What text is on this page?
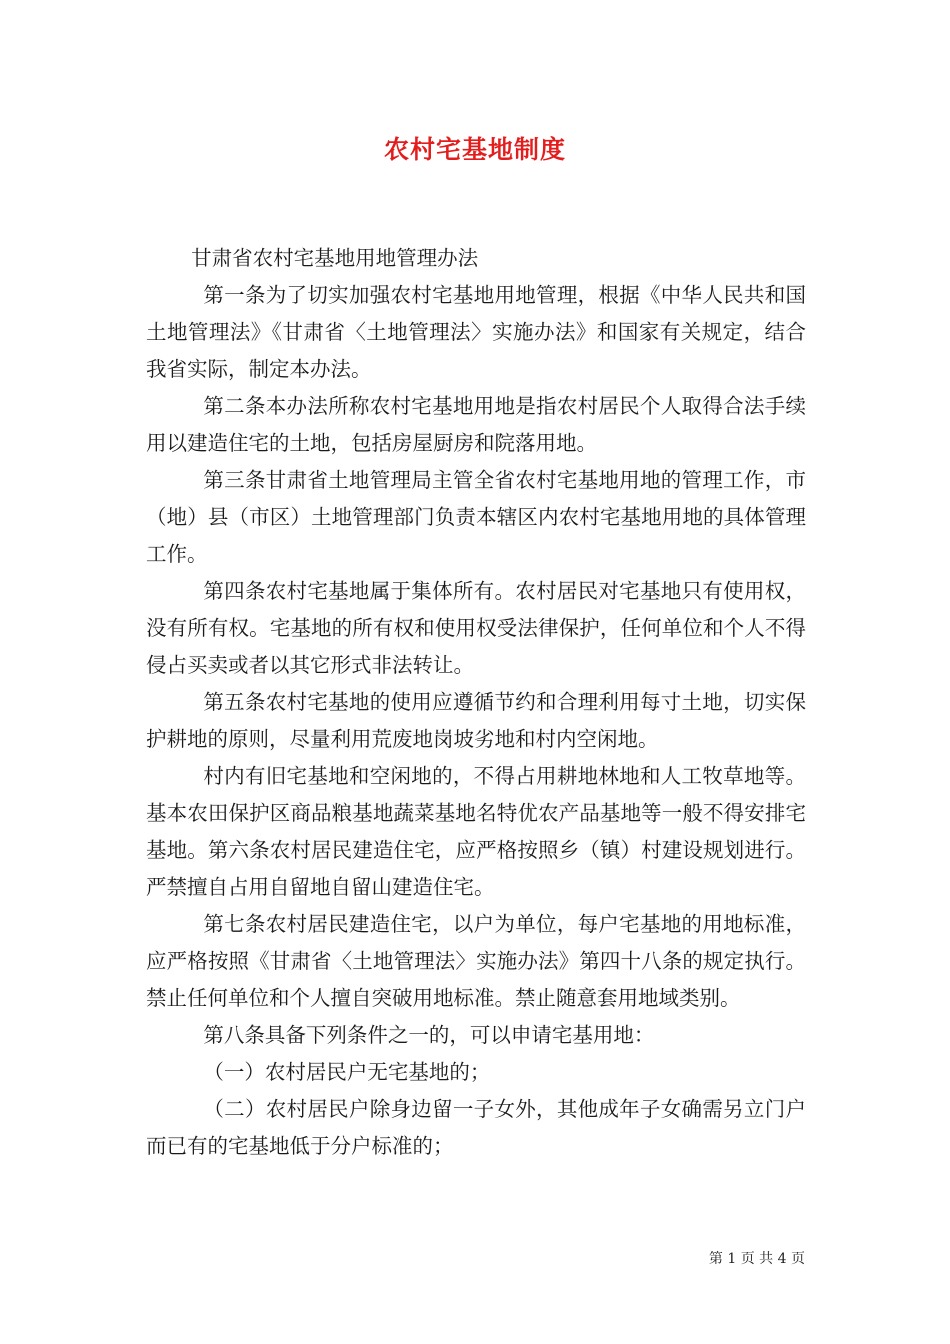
农村宅基地制度

甘肃省农村宅基地用地管理办法

第一条为了切实加强农村宅基地用地管理，根据《中华人民共和国土地管理法》《甘肃省〈土地管理法〉实施办法》和国家有关规定，结合我省实际，制定本办法。

第二条本办法所称农村宅基地用地是指农村居民个人取得合法手续用以建造住宅的土地，包括房屋厨房和院落用地。

第三条甘肃省土地管理局主管全省农村宅基地用地的管理工作，市（地）县（市区）土地管理部门负责本辖区内农村宅基地用地的具体管理工作。

第四条农村宅基地属于集体所有。农村居民对宅基地只有使用权，没有所有权。宅基地的所有权和使用权受法律保护，任何单位和个人不得侵占买卖或者以其它形式非法转让。

第五条农村宅基地的使用应遵循节约和合理利用每寸土地，切实保护耕地的原则，尽量利用荒废地岗坡劣地和村内空闲地。

村内有旧宅基地和空闲地的，不得占用耕地林地和人工牧草地等。基本农田保护区商品粮基地蔬菜基地名特优农产品基地等一般不得安排宅基地。第六条农村居民建造住宅，应严格按照乡（镇）村建设规划进行。严禁擅自占用自留地自留山建造住宅。

第七条农村居民建造住宅，以户为单位，每户宅基地的用地标准，应严格按照《甘肃省〈土地管理法〉实施办法》第四十八条的规定执行。禁止任何单位和个人擅自突破用地标准。禁止随意套用地域类别。

第八条具备下列条件之一的，可以申请宅基用地：

（一）农村居民户无宅基地的；

（二）农村居民户除身边留一子女外，其他成年子女确需另立门户而已有的宅基地低于分户标准的；

第 1 页 共 4 页
